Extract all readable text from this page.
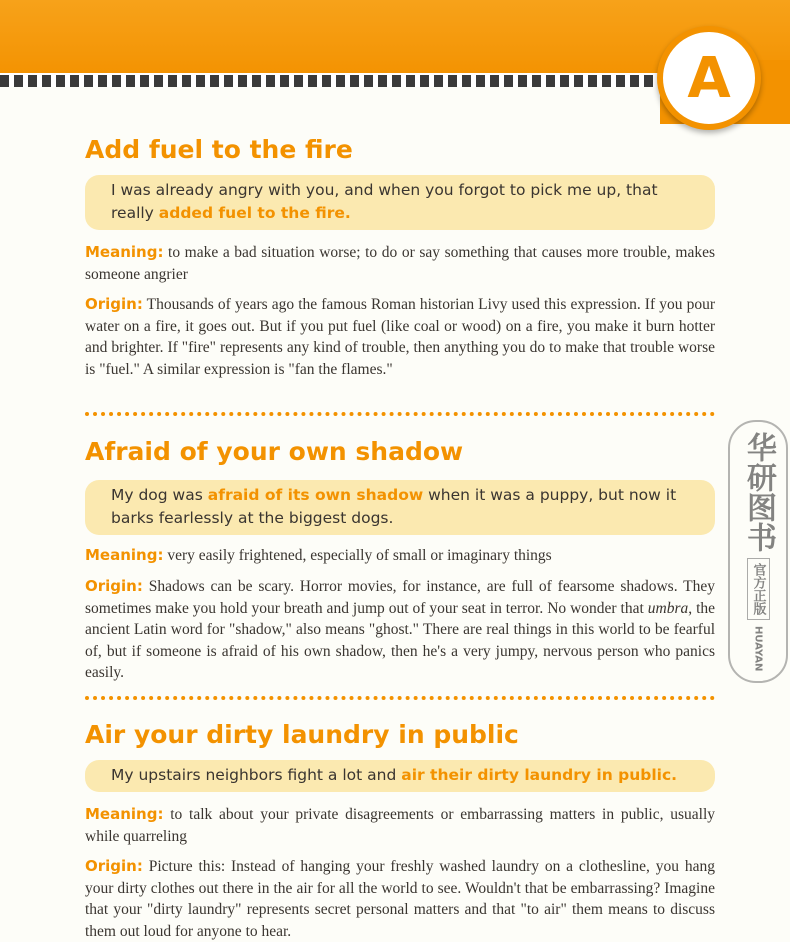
A
Add fuel to the fire
I was already angry with you, and when you forgot to pick me up, that really added fuel to the fire.

Meaning: to make a bad situation worse; to do or say something that causes more trouble, makes someone angrier

Origin: Thousands of years ago the famous Roman historian Livy used this expression. If you pour water on a fire, it goes out. But if you put fuel (like coal or wood) on a fire, you make it burn hotter and brighter. If "fire" represents any kind of trouble, then anything you do to make that trouble worse is "fuel." A similar expression is "fan the flames."

Afraid of your own shadow
My dog was afraid of its own shadow when it was a puppy, but now it barks fearlessly at the biggest dogs.

Meaning: very easily frightened, especially of small or imaginary things

Origin: Shadows can be scary. Horror movies, for instance, are full of fearsome shadows. They sometimes make you hold your breath and jump out of your seat in terror. No wonder that umbra, the ancient Latin word for "shadow," also means "ghost." There are real things in this world to be fearful of, but if someone is afraid of his own shadow, then he's a very jumpy, nervous person who panics easily.

Air your dirty laundry in public
My upstairs neighbors fight a lot and air their dirty laundry in public.

Meaning: to talk about your private disagreements or embarrassing matters in public, usually while quarreling

Origin: Picture this: Instead of hanging your freshly washed laundry on a clothesline, you hang your dirty clothes out there in the air for all the world to see. Wouldn't that be embarrassing? Imagine that your "dirty laundry" represents secret personal matters and that "to air" them means to discuss them out loud for anyone to hear.

华研图书
官方正版
HUAYAN
